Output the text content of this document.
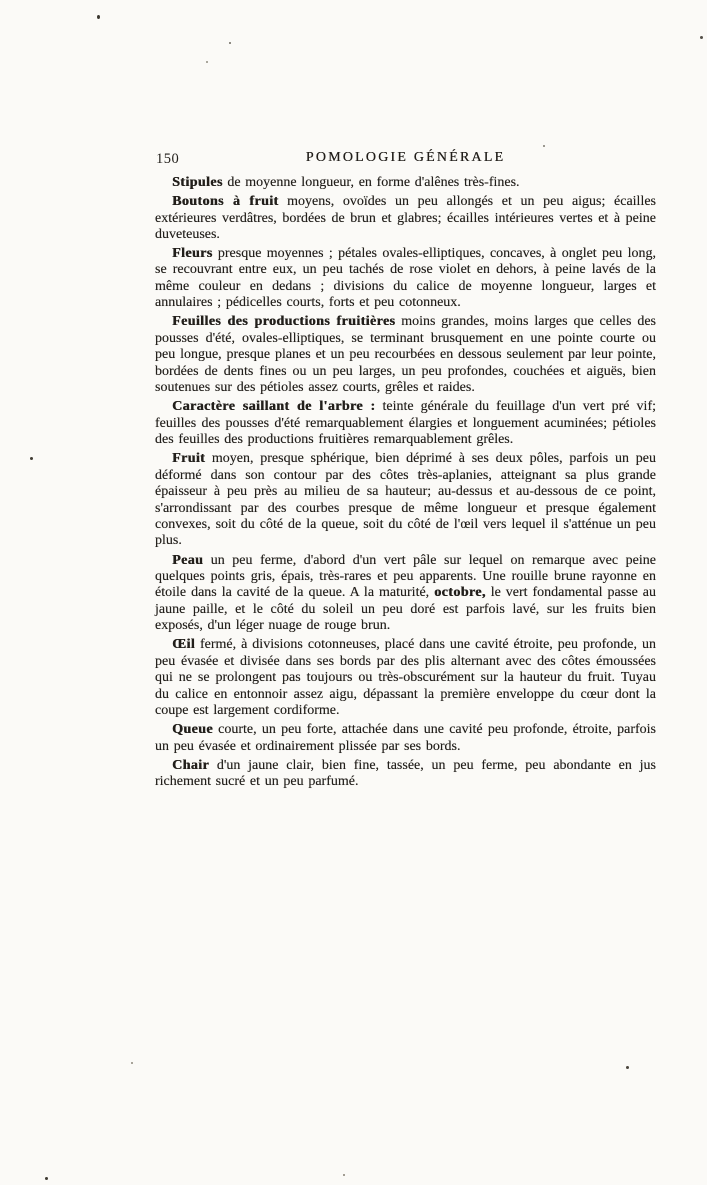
150	POMOLOGIE GÉNÉRALE

Stipules de moyenne longueur, en forme d'alênes très-fines.

Boutons à fruit moyens, ovoïdes un peu allongés et un peu aigus; écailles extérieures verdâtres, bordées de brun et glabres; écailles intérieures vertes et à peine duveteuses.

Fleurs presque moyennes ; pétales ovales-elliptiques, concaves, à onglet peu long, se recouvrant entre eux, un peu tachés de rose violet en dehors, à peine lavés de la même couleur en dedans ; divisions du calice de moyenne longueur, larges et annulaires ; pédicelles courts, forts et peu cotonneux.

Feuilles des productions fruitières moins grandes, moins larges que celles des pousses d'été, ovales-elliptiques, se terminant brusquement en une pointe courte ou peu longue, presque planes et un peu recourbées en dessous seulement par leur pointe, bordées de dents fines ou un peu larges, un peu profondes, couchées et aiguës, bien soutenues sur des pétioles assez courts, grêles et raides.

Caractère saillant de l'arbre : teinte générale du feuillage d'un vert pré vif; feuilles des pousses d'été remarquablement élargies et longuement acuminées; pétioles des feuilles des productions fruitières remarquablement grêles.

Fruit moyen, presque sphérique, bien déprimé à ses deux pôles, parfois un peu déformé dans son contour par des côtes très-aplanies, atteignant sa plus grande épaisseur à peu près au milieu de sa hauteur; au-dessus et au-dessous de ce point, s'arrondissant par des courbes presque de même longueur et presque également convexes, soit du côté de la queue, soit du côté de l'œil vers lequel il s'atténue un peu plus.

Peau un peu ferme, d'abord d'un vert pâle sur lequel on remarque avec peine quelques points gris, épais, très-rares et peu apparents. Une rouille brune rayonne en étoile dans la cavité de la queue. A la maturité, octobre, le vert fondamental passe au jaune paille, et le côté du soleil un peu doré est parfois lavé, sur les fruits bien exposés, d'un léger nuage de rouge brun.

Œil fermé, à divisions cotonneuses, placé dans une cavité étroite, peu profonde, un peu évasée et divisée dans ses bords par des plis alternant avec des côtes émoussées qui ne se prolongent pas toujours ou très-obscurément sur la hauteur du fruit. Tuyau du calice en entonnoir assez aigu, dépassant la première enveloppe du cœur dont la coupe est largement cordiforme.

Queue courte, un peu forte, attachée dans une cavité peu profonde, étroite, parfois un peu évasée et ordinairement plissée par ses bords.

Chair d'un jaune clair, bien fine, tassée, un peu ferme, peu abondante en jus richement sucré et un peu parfumé.
